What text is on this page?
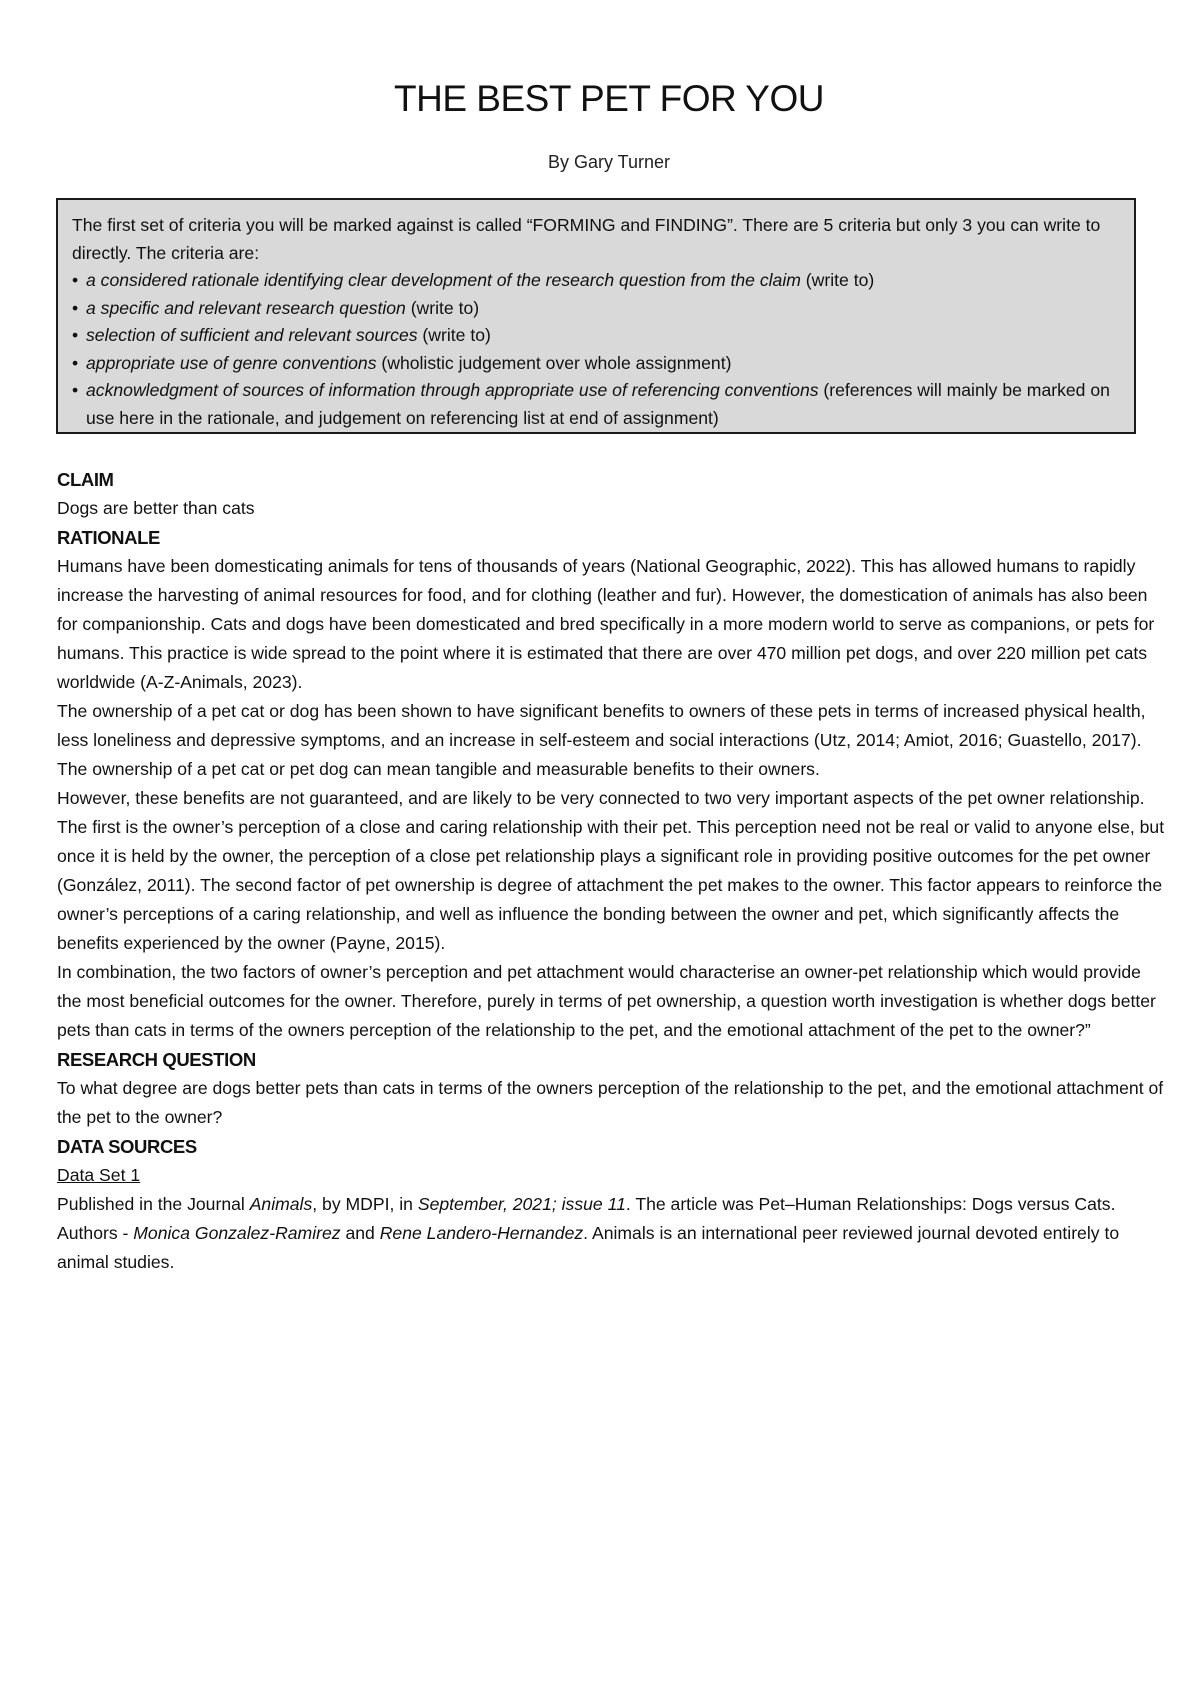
THE BEST PET FOR YOU
By Gary Turner

The first set of criteria you will be marked against is called “FORMING and FINDING”. There are 5 criteria but only 3 you can write to directly. The criteria are:

• a considered rationale identifying clear development of the research question from the claim (write to)
• a specific and relevant research question (write to)
• selection of sufficient and relevant sources (write to)
• appropriate use of genre conventions (wholistic judgement over whole assignment)
• acknowledgment of sources of information through appropriate use of referencing conventions (references will mainly be marked on use here in the rationale, and judgement on referencing list at end of assignment)
CLAIM

Dogs are better than cats

RATIONALE

Humans have been domesticating animals for tens of thousands of years (National Geographic, 2022). This has allowed humans to rapidly increase the harvesting of animal resources for food, and for clothing (leather and fur). However, the domestication of animals has also been for companionship. Cats and dogs have been domesticated and bred specifically in a more modern world to serve as companions, or pets for humans. This practice is wide spread to the point where it is estimated that there are over 470 million pet dogs, and over 220 million pet cats worldwide (A-Z-Animals, 2023).

The ownership of a pet cat or dog has been shown to have significant benefits to owners of these pets in terms of increased physical health, less loneliness and depressive symptoms, and an increase in self-esteem and social interactions (Utz, 2014; Amiot, 2016; Guastello, 2017). The ownership of a pet cat or pet dog can mean tangible and measurable benefits to their owners.

However, these benefits are not guaranteed, and are likely to be very connected to two very important aspects of the pet owner relationship. The first is the owner’s perception of a close and caring relationship with their pet. This perception need not be real or valid to anyone else, but once it is held by the owner, the perception of a close pet relationship plays a significant role in providing positive outcomes for the pet owner (González, 2011). The second factor of pet ownership is degree of attachment the pet makes to the owner. This factor appears to reinforce the owner’s perceptions of a caring relationship, and well as influence the bonding between the owner and pet, which significantly affects the benefits experienced by the owner (Payne, 2015).

In combination, the two factors of owner’s perception and pet attachment would characterise an owner-pet relationship which would provide the most beneficial outcomes for the owner. Therefore, purely in terms of pet ownership, a question worth investigation is whether dogs better pets than cats in terms of the owners perception of the relationship to the pet, and the emotional attachment of the pet to the owner?”

RESEARCH QUESTION

To what degree are dogs better pets than cats in terms of the owners perception of the relationship to the pet, and the emotional attachment of the pet to the owner?

DATA SOURCES

Data Set 1

Published in the Journal Animals, by MDPI, in September, 2021; issue 11. The article was Pet–Human Relationships: Dogs versus Cats. Authors - Monica Gonzalez-Ramirez and Rene Landero-Hernandez. Animals is an international peer reviewed journal devoted entirely to animal studies.
